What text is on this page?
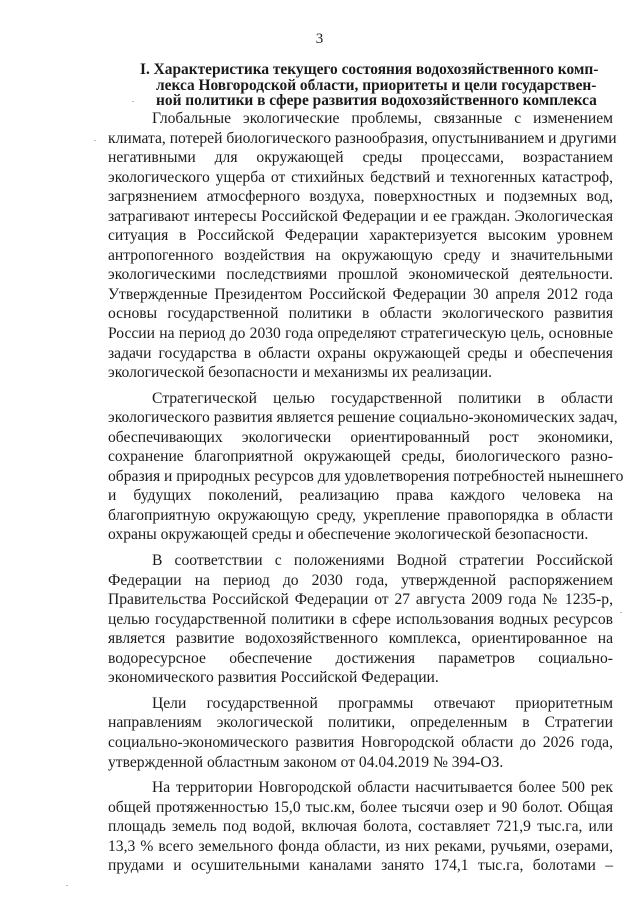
3
I. Характеристика текущего состояния водохозяйственного комп-
лекса Новгородской области, приоритеты и цели государствен-
ной политики в сфере развития водохозяйственного комплекса
Глобальные экологические проблемы, связанные с изменением
климата, потерей биологического разнообразия, опустыниванием и другими
негативными для окружающей среды процессами, возрастанием
экологического ущерба от стихийных бедствий и техногенных катастроф,
загрязнением атмосферного воздуха, поверхностных и подземных вод,
затрагивают интересы Российской Федерации и ее граждан. Экологическая
ситуация в Российской Федерации характеризуется высоким уровнем
антропогенного воздействия на окружающую среду и значительными
экологическими последствиями прошлой экономической деятельности.
Утвержденные Президентом Российской Федерации 30 апреля 2012 года
основы государственной политики в области экологического развития
России на период до 2030 года определяют стратегическую цель, основные
задачи государства в области охраны окружающей среды и обеспечения
экологической безопасности и механизмы их реализации.
Стратегической целью государственной политики в области
экологического развития является решение социально-экономических задач,
обеспечивающих экологически ориентированный рост экономики,
сохранение благоприятной окружающей среды, биологического разно-
образия и природных ресурсов для удовлетворения потребностей нынешнего
и будущих поколений, реализацию права каждого человека на
благоприятную окружающую среду, укрепление правопорядка в области
охраны окружающей среды и обеспечение экологической безопасности.
В соответствии с положениями Водной стратегии Российской
Федерации на период до 2030 года, утвержденной распоряжением
Правительства Российской Федерации от 27 августа 2009 года № 1235-р,
целью государственной политики в сфере использования водных ресурсов
является развитие водохозяйственного комплекса, ориентированное на
водоресурсное обеспечение достижения параметров социально-
экономического развития Российской Федерации.
Цели государственной программы отвечают приоритетным
направлениям экологической политики, определенным в Стратегии
социально-экономического развития Новгородской области до 2026 года,
утвержденной областным законом от 04.04.2019 № 394-ОЗ.
На территории Новгородской области насчитывается более 500 рек
общей протяженностью 15,0 тыс.км, более тысячи озер и 90 болот. Общая
площадь земель под водой, включая болота, составляет 721,9 тыс.га, или
13,3 % всего земельного фонда области, из них реками, ручьями, озерами,
прудами и осушительными каналами занято 174,1 тыс.га, болотами –
